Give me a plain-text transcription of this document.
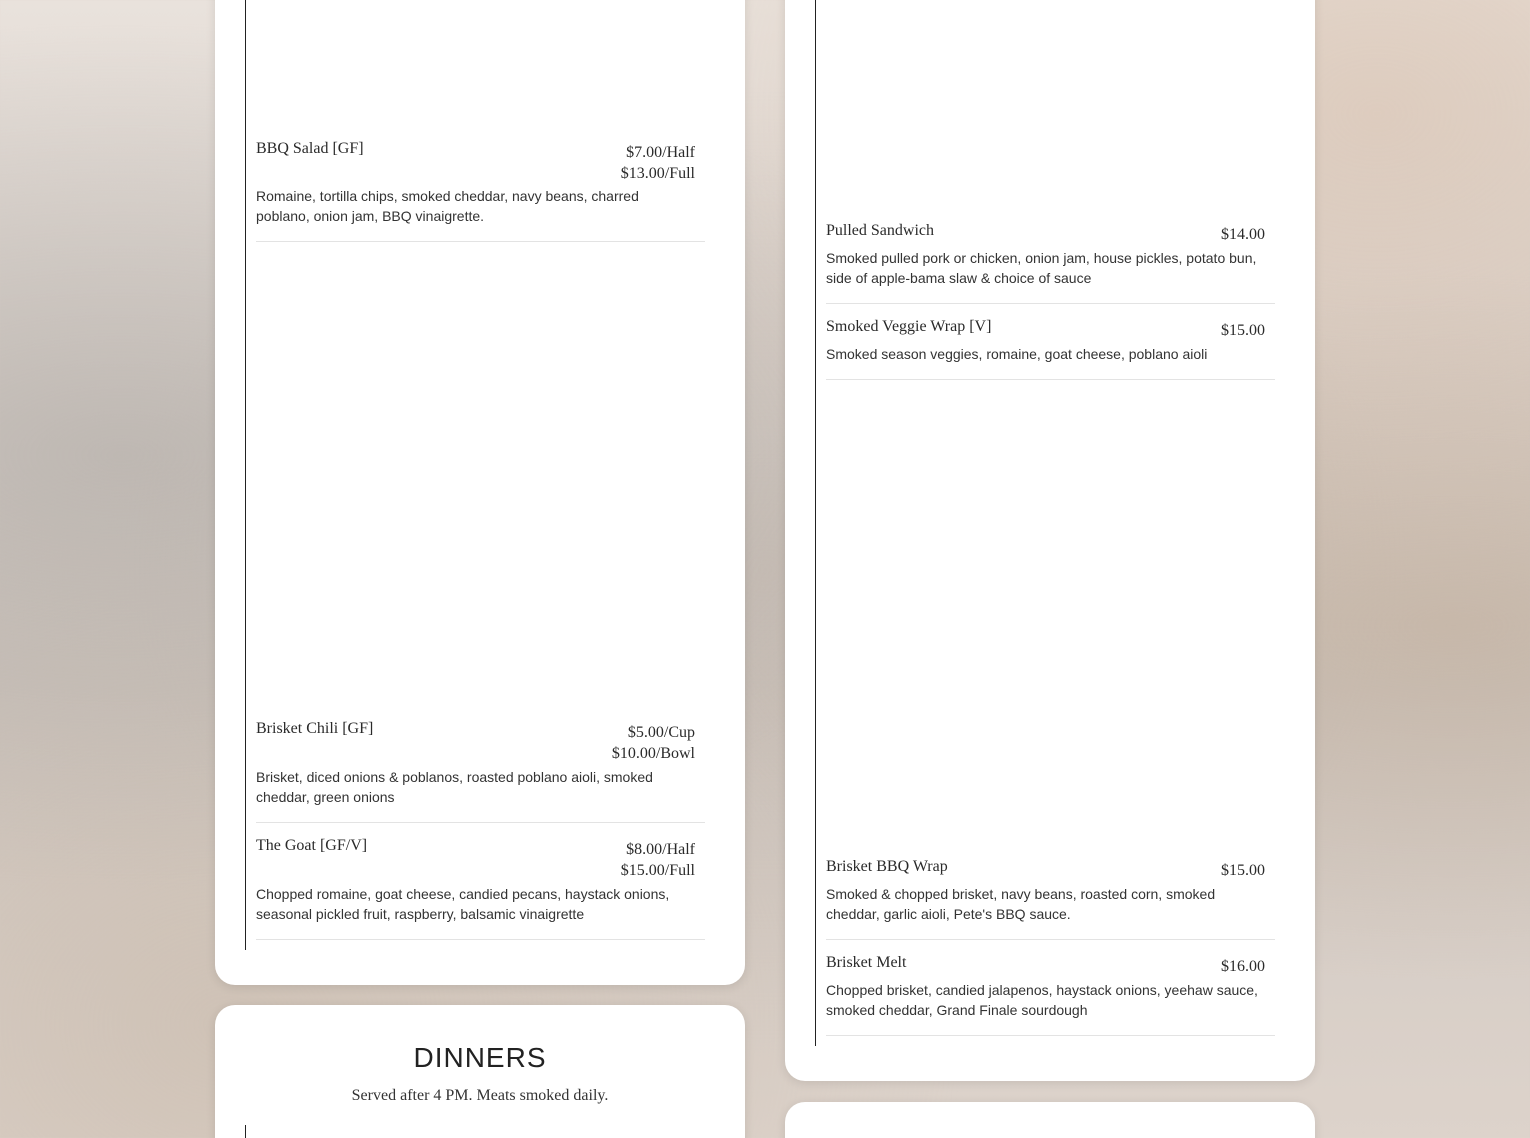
BBQ Salad [GF]	$7.00/Half
$13.00/Full
Romaine, tortilla chips, smoked cheddar, navy beans, charred poblano, onion jam, BBQ vinaigrette.
Brisket Chili [GF]	$5.00/Cup
$10.00/Bowl
Brisket, diced onions & poblanos, roasted poblano aioli, smoked cheddar, green onions
The Goat [GF/V]	$8.00/Half
$15.00/Full
Chopped romaine, goat cheese, candied pecans, haystack onions, seasonal pickled fruit, raspberry, balsamic vinaigrette
Pulled Sandwich	$14.00
Smoked pulled pork or chicken, onion jam, house pickles, potato bun, side of apple-bama slaw & choice of sauce
Smoked Veggie Wrap [V]	$15.00
Smoked season veggies, romaine, goat cheese, poblano aioli
Brisket BBQ Wrap	$15.00
Smoked & chopped brisket, navy beans, roasted corn, smoked cheddar, garlic aioli, Pete's BBQ sauce.
Brisket Melt	$16.00
Chopped brisket, candied jalapenos, haystack onions, yeehaw sauce, smoked cheddar, Grand Finale sourdough
DINNERS
Served after 4 PM. Meats smoked daily.
